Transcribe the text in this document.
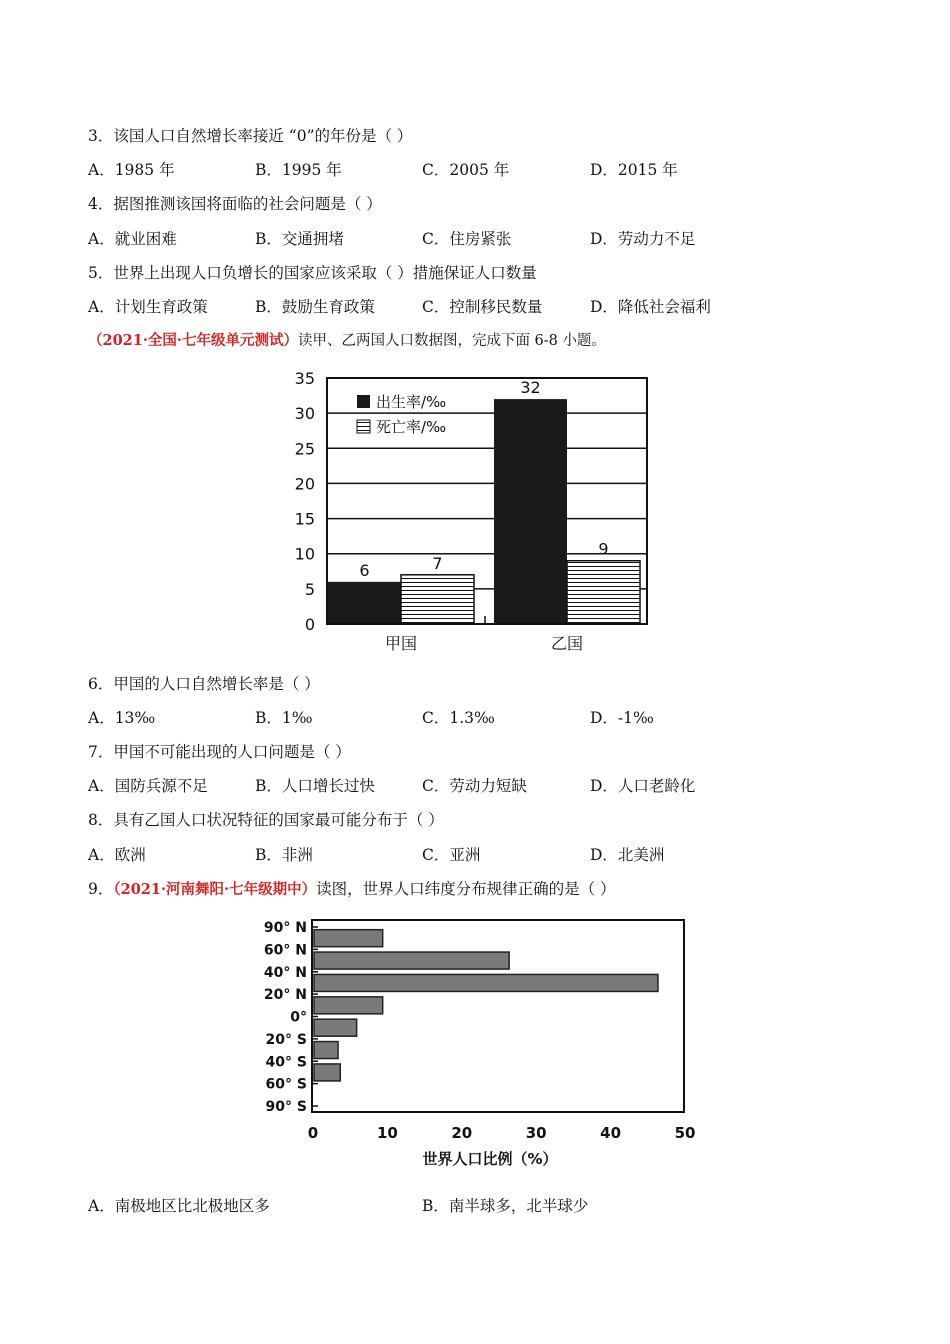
3．该国人口自然增长率接近 “0”的年份是（ ）
A．1985 年	B．1995 年	C．2005 年	D．2015 年
4．据图推测该国将面临的社会问题是（ ）
A．就业困难	B．交通拥堵	C．住房紧张	D．劳动力不足
5．世界上出现人口负增长的国家应该采取（ ）措施保证人口数量
A．计划生育政策	B．鼓励生育政策	C．控制移民数量	D．降低社会福利
（2021·全国·七年级单元测试）读甲、乙两国人口数据图，完成下面 6-8 小题。
6	7
32
9
0
5
10
15
20
25
30
35
甲国	乙国
出生率/‰
死亡率/‰
6．甲国的人口自然增长率是（ ）
A．13‰	B．1‰	C．1.3‰	D．-1‰
7．甲国不可能出现的人口问题是（ ）
A．国防兵源不足	B．人口增长过快	C．劳动力短缺	D．人口老龄化
8．具有乙国人口状况特征的国家最可能分布于（ ）
A．欧洲	B．非洲	C．亚洲	D．北美洲
9．（2021·河南舞阳·七年级期中）读图，世界人口纬度分布规律正确的是（ ）
90° N
60° N
40° N
20° N
0°
20° S
40° S
60° S
90° S
0	10	20	30	40	50
世界人口比例（%）
A．南极地区比北极地区多	B．南半球多，北半球少
